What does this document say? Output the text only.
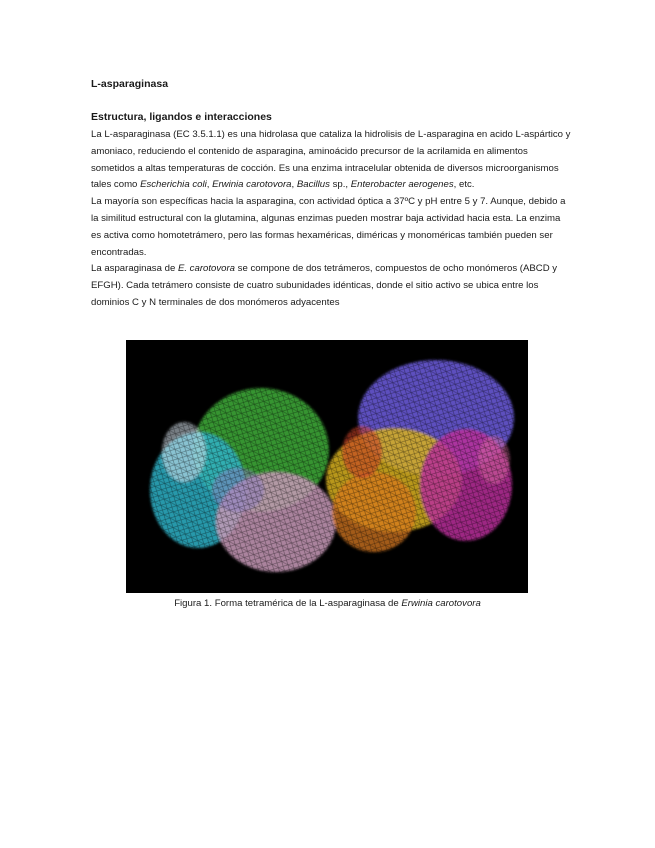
L-asparaginasa
Estructura, ligandos e interacciones

La L-asparaginasa (EC 3.5.1.1) es una hidrolasa que cataliza la hidrolisis de L-asparagina en acido L-aspártico y amoniaco, reduciendo el contenido de asparagina, aminoácido precursor de la acrilamida en alimentos sometidos a altas temperaturas de cocción. Es una enzima intracelular obtenida de diversos microorganismos tales como Escherichia coli, Erwinia carotovora, Bacillus sp., Enterobacter aerogenes, etc.

La mayoría son específicas hacia la asparagina, con actividad óptica a 37ºC y pH entre 5 y 7. Aunque, debido a la similitud estructural con la glutamina, algunas enzimas pueden mostrar baja actividad hacia esta. La enzima es activa como homotetrámero, pero las formas hexaméricas, diméricas y monoméricas también pueden ser encontradas.

La asparaginasa de E. carotovora se compone de dos tetrámeros, compuestos de ocho monómeros (ABCD y EFGH). Cada tetrámero consiste de cuatro subunidades idénticas, donde el sitio activo se ubica entre los dominios C y N terminales de dos monómeros adyacentes

Figura 1. Forma tetramérica de la L-asparaginasa de Erwinia carotovora
